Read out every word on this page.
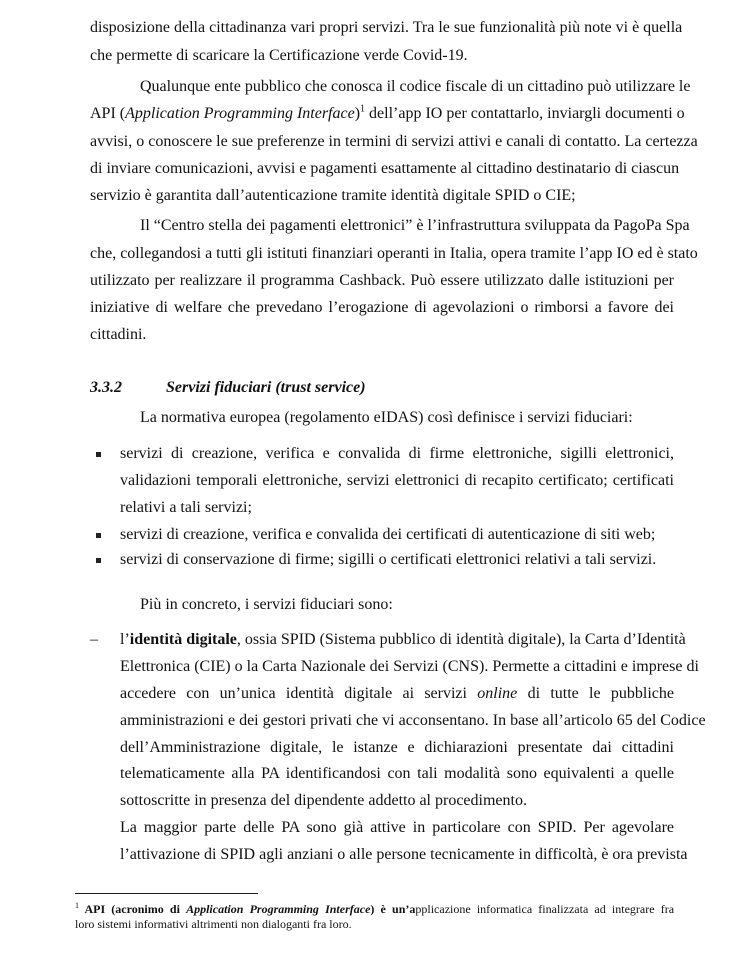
disposizione della cittadinanza vari propri servizi. Tra le sue funzionalità più note vi è quella
che permette di scaricare la Certificazione verde Covid-19.
Qualunque ente pubblico che conosca il codice fiscale di un cittadino può utilizzare le
API (Application Programming Interface)$^1$ dell’app IO per contattarlo, inviargli documenti o
avvisi, o conoscere le sue preferenze in termini di servizi attivi e canali di contatto. La certezza
di inviare comunicazioni, avvisi e pagamenti esattamente al cittadino destinatario di ciascun
servizio è garantita dall’autenticazione tramite identità digitale SPID o CIE;
Il “Centro stella dei pagamenti elettronici” è l’infrastruttura sviluppata da PagoPa Spa
che, collegandosi a tutti gli istituti finanziari operanti in Italia, opera tramite l’app IO ed è stato
utilizzato per realizzare il programma Cashback. Può essere utilizzato dalle istituzioni per
iniziative di welfare che prevedano l’erogazione di agevolazioni o rimborsi a favore dei
cittadini.
3.3.2	Servizi fiduciari (trust service)
La normativa europea (regolamento eIDAS) così definisce i servizi fiduciari:
servizi di creazione, verifica e convalida di firme elettroniche, sigilli elettronici,
validazioni temporali elettroniche, servizi elettronici di recapito certificato; certificati
relativi a tali servizi;
servizi di creazione, verifica e convalida dei certificati di autenticazione di siti web;
servizi di conservazione di firme; sigilli o certificati elettronici relativi a tali servizi.
Più in concreto, i servizi fiduciari sono:
– l’identità digitale, ossia SPID (Sistema pubblico di identità digitale), la Carta d’Identità
Elettronica (CIE) o la Carta Nazionale dei Servizi (CNS). Permette a cittadini e imprese di
accedere con un’unica identità digitale ai servizi online di tutte le pubbliche
amministrazioni e dei gestori privati che vi acconsentano. In base all’articolo 65 del Codice
dell’Amministrazione digitale, le istanze e dichiarazioni presentate dai cittadini
telematicamente alla PA identificandosi con tali modalità sono equivalenti a quelle
sottoscritte in presenza del dipendente addetto al procedimento.
La maggior parte delle PA sono già attive in particolare con SPID. Per agevolare
l’attivazione di SPID agli anziani o alle persone tecnicamente in difficoltà, è ora prevista
$^1$ API (acronimo di Application Programming Interface) è un’applicazione informatica finalizzata ad integrare fra
loro sistemi informativi altrimenti non dialoganti fra loro.
